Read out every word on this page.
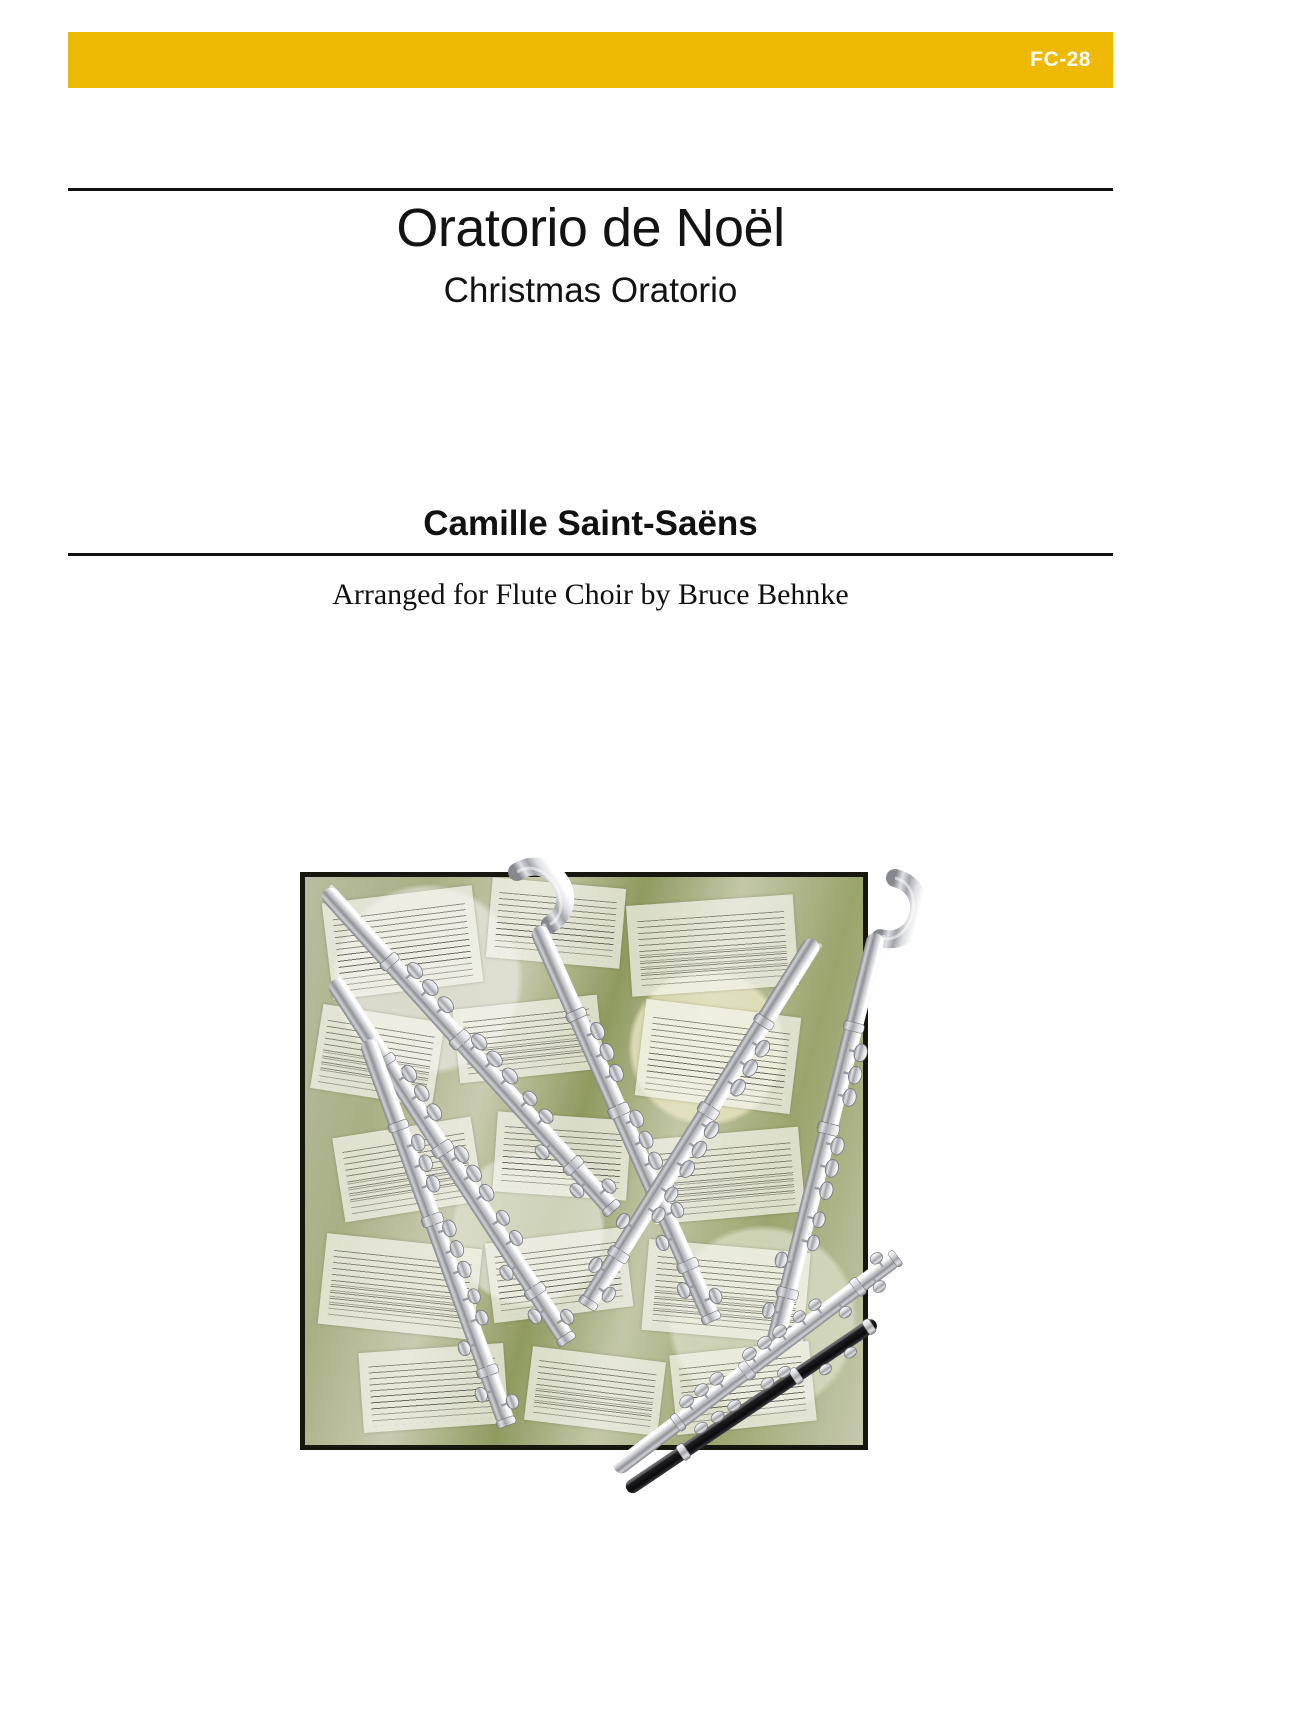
FC-28
Oratorio de Noël
Christmas Oratorio
Camille Saint-Saëns
Arranged for Flute Choir by Bruce Behnke
